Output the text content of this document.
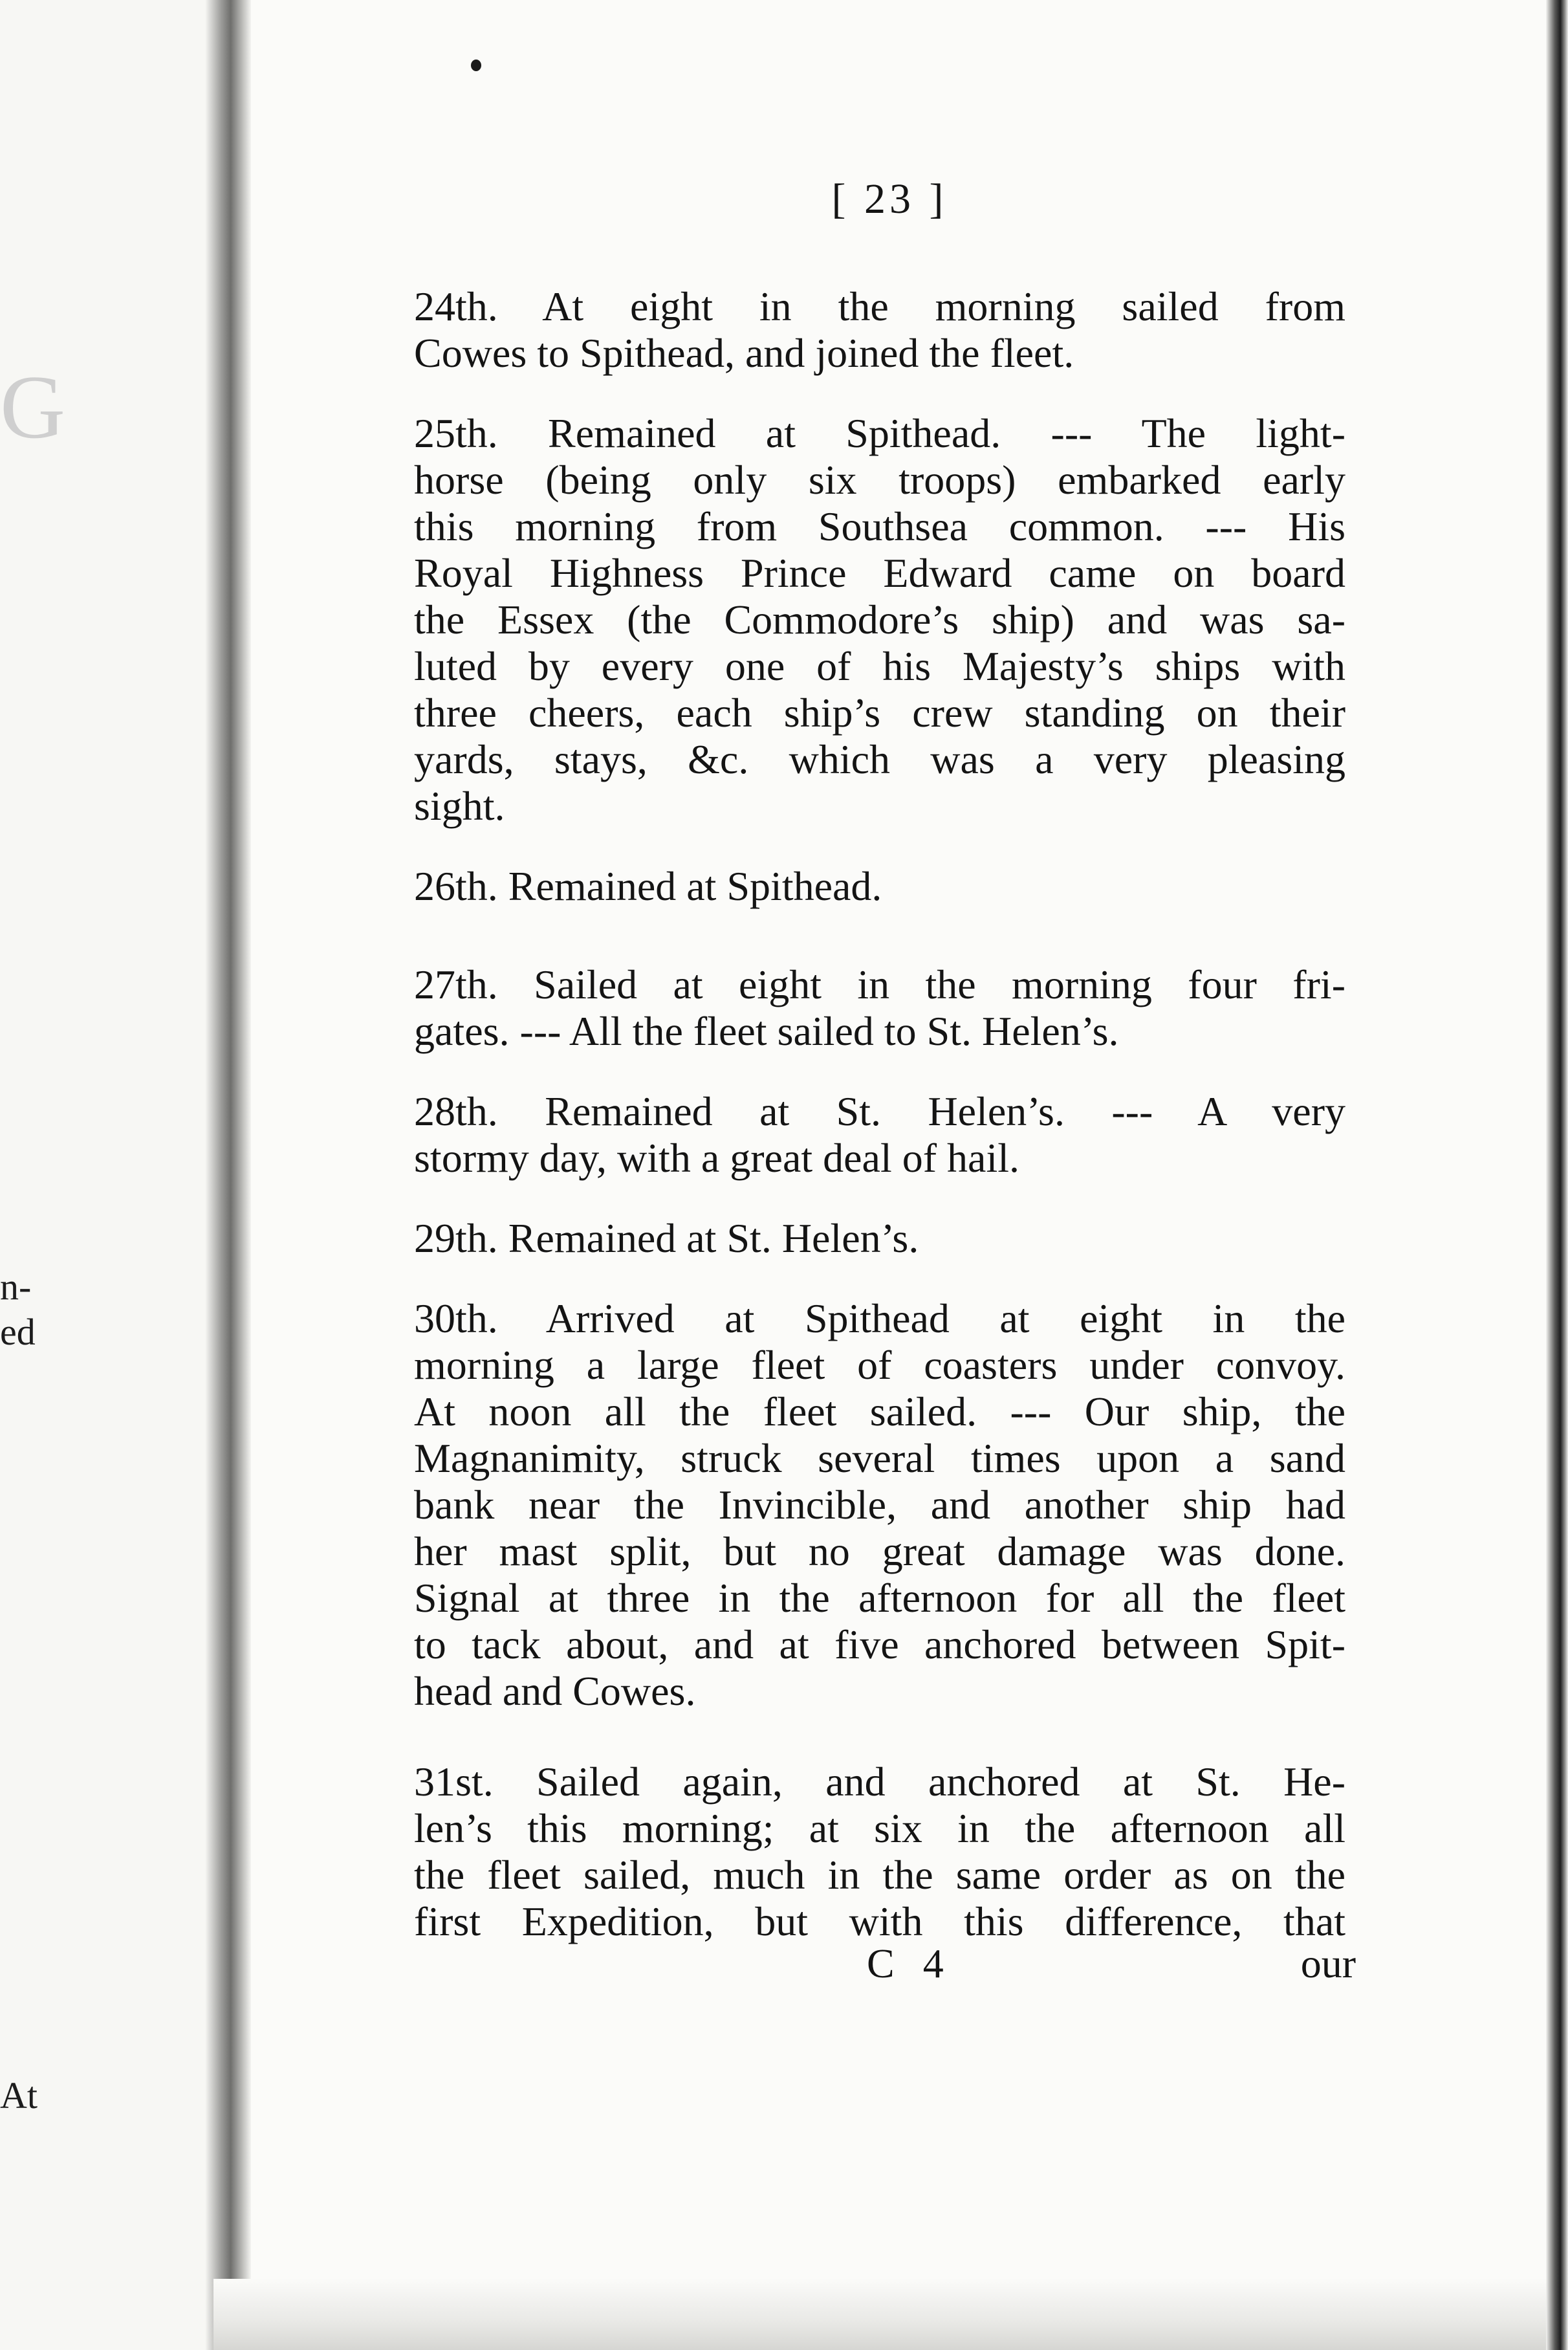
G
n-
ed
At
[ 23 ]
24th. At eight in the morning sailed from
Cowes to Spithead, and joined the fleet.
25th. Remained at Spithead. --- The light-
horse (being only six troops) embarked early
this morning from Southsea common. --- His
Royal Highness Prince Edward came on board
the Essex (the Commodore’s ship) and was sa-
luted by every one of his Majesty’s ships with
three cheers, each ship’s crew standing on their
yards, stays, &c. which was a very pleasing
sight.
26th. Remained at Spithead.
27th. Sailed at eight in the morning four fri-
gates. --- All the fleet sailed to St. Helen’s.
28th. Remained at St. Helen’s. --- A very
stormy day, with a great deal of hail.
29th. Remained at St. Helen’s.
30th. Arrived at Spithead at eight in the
morning a large fleet of coasters under convoy.
At noon all the fleet sailed. --- Our ship, the
Magnanimity, struck several times upon a sand
bank near the Invincible, and another ship had
her mast split, but no great damage was done.
Signal at three in the afternoon for all the fleet
to tack about, and at five anchored between Spit-
head and Cowes.
31st. Sailed again, and anchored at St. He-
len’s this morning; at six in the afternoon all
the fleet sailed, much in the same order as on the
first Expedition, but with this difference, that
C 4	our
